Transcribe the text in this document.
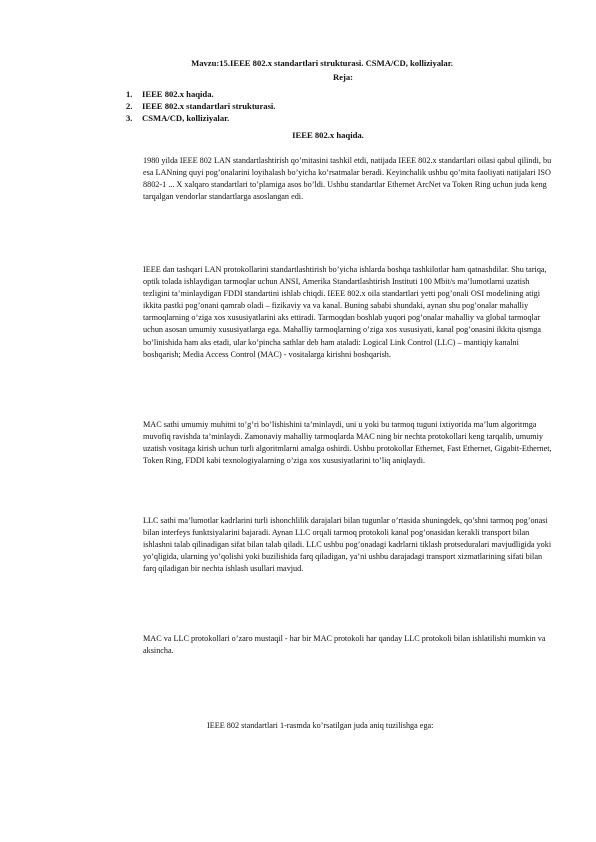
Mavzu:15.IEEE 802.x standartlari strukturasi. CSMA/CD, kolliziyalar.
Reja:
1.	IEEE 802.x haqida.
2.	IEEE 802.x standartlari strukturasi.
3.	CSMA/CD, kolliziyalar.
IEEE 802.x haqida.

1980 yilda IEEE 802 LAN standartlashtirish qo’mitasini tashkil etdi, natijada IEEE 802.x standartlari oilasi qabul qilindi, bu esa LANning quyi pog’onalarini loyihalash bo’yicha ko’rsatmalar beradi. Keyinchalik ushbu qo’mita faoliyati natijalari ISO 8802-1 ... X xalqaro standartlari to’plamiga asos bo’ldi. Ushbu standartlar Ethernet ArcNet va Token Ring uchun juda keng tarqalgan vendorlar standartlarga asoslangan edi.

IEEE dan tashqari LAN protokollarini standartlashtirish bo’yicha ishlarda boshqa tashkilotlar ham qatnashdilar. Shu tariqa, optik tolada ishlaydigan tarmoqlar uchun ANSI, Amerika Standartlashtirish Instituti 100 Mbit/s ma’lumotlarni uzatish tezligini ta’minlaydigan FDDI standartini ishlab chiqdi. IEEE 802.x oila standartlari yetti pog’onali OSI modelining atigi ikkita pastki pog’onani qamrab oladi – fizikaviy va va kanal. Buning sababi shundaki, aynan shu pog’onalar mahalliy tarmoqlarning o’ziga xos xususiyatlarini aks ettiradi. Tarmoqdan boshlab yuqori pog’onalar mahalliy va global tarmoqlar uchun asosan umumiy xususiyatlarga ega. Mahalliy tarmoqlarning o’ziga xos xususiyati, kanal pog’onasini ikkita qismga bo’linishida ham aks etadi, ular ko’pincha sathlar deb ham ataladi: Logical Link Control (LLC) – mantiqiy kanalni boshqarish; Media Access Control (MAC) - vositalarga kirishni boshqarish.

MAC sathi umumiy muhitni to’g’ri bo’lishishini ta’minlaydi, uni u yoki bu tarmoq tuguni ixtiyorida ma’lum algoritmga muvofiq ravishda ta’minlaydi. Zamonaviy mahalliy tarmoqlarda MAC ning bir nechta protokollari keng tarqalib, umumiy uzatish vositaga kirish uchun turli algoritmlarni amalga oshirdi. Ushbu protokollar Ethernet, Fast Ethernet, Gigabit-Ethernet, Token Ring, FDDI kabi texnologiyalarning o’ziga xos xususiyatlarini to’liq aniqlaydi.

LLC sathi ma’lumotlar kadrlarini turli ishonchlilik darajalari bilan tugunlar o’rtasida shuningdek, qo’shni tarmoq pog’onasi bilan interfeys funktsiyalarini bajaradi. Aynan LLC orqali tarmoq protokoli kanal pog’onasidan kerakli transport bilan ishlashni talab qilinadigan sifat bilan talab qiladi. LLC ushbu pog’onadagi kadrlarni tiklash protseduralari mavjudligida yoki yo’qligida, ularning yo’qolishi yoki buzilishida farq qiladigan, ya’ni ushbu darajadagi transport xizmatlarining sifati bilan farq qiladigan bir nechta ishlash usullari mavjud.

MAC va LLC protokollari o’zaro mustaqil - har bir MAC protokoli har qanday LLC protokoli bilan ishlatilishi mumkin va aksincha.

IEEE 802 standartlari 1-rasmda ko’rsatilgan juda aniq tuzilishga ega:
